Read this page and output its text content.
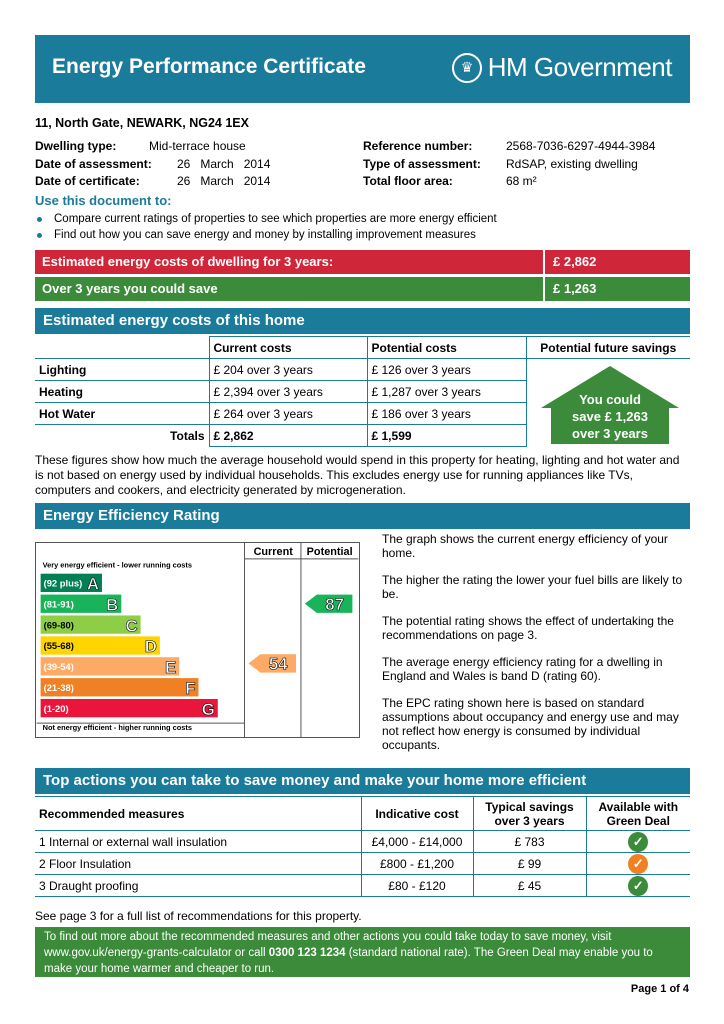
Energy Performance Certificate	♛ HM Government
11, North Gate, NEWARK, NG24 1EX
Dwelling type:	Mid-terrace house
Date of assessment:	26   March   2014
Date of certificate:	26   March   2014
Reference number:	2568-7036-6297-4944-3984
Type of assessment:	RdSAP, existing dwelling
Total floor area:	68 m²
Use this document to:
Compare current ratings of properties to see which properties are more energy efficient
Find out how you can save energy and money by installing improvement measures
Estimated energy costs of dwelling for 3 years:	£ 2,862
Over 3 years you could save	£ 1,263
Estimated energy costs of this home
	Current costs	Potential costs	Potential future savings
Lighting	£ 204 over 3 years	£ 126 over 3 years	
Heating	£ 2,394 over 3 years	£ 1,287 over 3 years	
Hot Water	£ 264 over 3 years	£ 186 over 3 years	
Totals	£ 2,862	£ 1,599	
You could
save £ 1,263
over 3 years
These figures show how much the average household would spend in this property for heating, lighting and hot water and is not based on energy used by individual households. This excludes energy use for running appliances like TVs, computers and cookers, and electricity generated by microgeneration.
Energy Efficiency Rating
Current Potential
Very energy efficient - lower running costs
Not energy efficient - higher running costs
(92 plus) A
(81-91) B
(69-80)	C
(55-68)	D
(39-54)	E
(21-38)	F
(1-20)	G
54
87

The graph shows the current energy efficiency of your home.

The higher the rating the lower your fuel bills are likely to be.

The potential rating shows the effect of undertaking the recommendations on page 3.

The average energy efficiency rating for a dwelling in England and Wales is band D (rating 60).

The EPC rating shown here is based on standard assumptions about occupancy and energy use and may not reflect how energy is consumed by individual occupants.

Top actions you can take to save money and make your home more efficient
Recommended measures	Indicative cost	Typical savings over 3 years	Available with Green Deal
1 Internal or external wall insulation	£4,000 - £14,000	£ 783	✓
2 Floor Insulation	£800 - £1,200	£ 99	✓
3 Draught proofing	£80 - £120	£ 45	✓
See page 3 for a full list of recommendations for this property.
To find out more about the recommended measures and other actions you could take today to save money, visit www.gov.uk/energy-grants-calculator or call 0300 123 1234 (standard national rate). The Green Deal may enable you to make your home warmer and cheaper to run.
Page 1 of 4
